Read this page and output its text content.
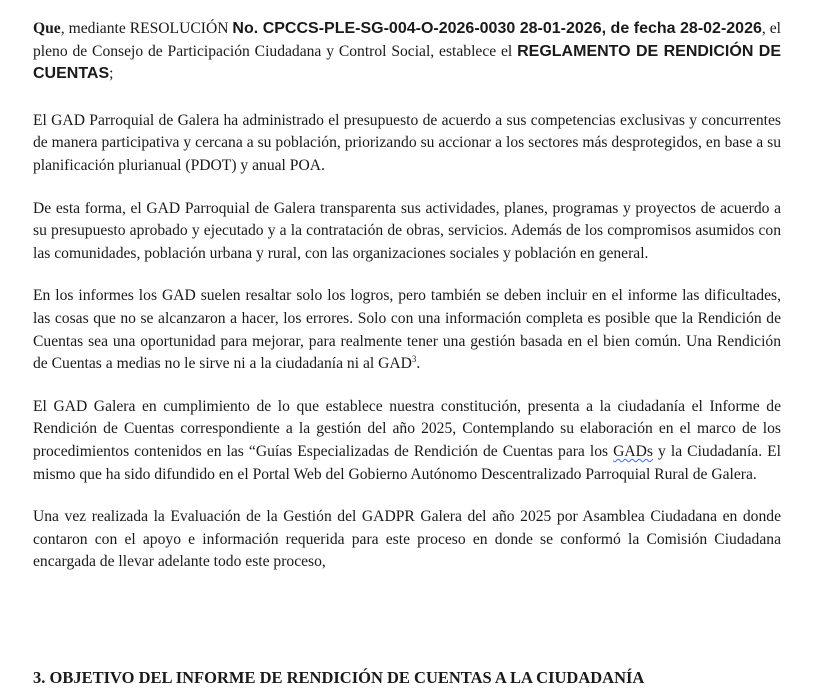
Que, mediante RESOLUCIÓN No. CPCCS-PLE-SG-004-O-2026-0030 28-01-2026, de fecha 28-02-2026, el pleno de Consejo de Participación Ciudadana y Control Social, establece el REGLAMENTO DE RENDICIÓN DE CUENTAS;

El GAD Parroquial de Galera ha administrado el presupuesto de acuerdo a sus competencias exclusivas y concurrentes de manera participativa y cercana a su población, priorizando su accionar a los sectores más desprotegidos, en base a su planificación plurianual (PDOT) y anual POA.

De esta forma, el GAD Parroquial de Galera transparenta sus actividades, planes, programas y proyectos de acuerdo a su presupuesto aprobado y ejecutado y a la contratación de obras, servicios. Además de los compromisos asumidos con las comunidades, población urbana y rural, con las organizaciones sociales y población en general.

En los informes los GAD suelen resaltar solo los logros, pero también se deben incluir en el informe las dificultades, las cosas que no se alcanzaron a hacer, los errores. Solo con una información completa es posible que la Rendición de Cuentas sea una oportunidad para mejorar, para realmente tener una gestión basada en el bien común. Una Rendición de Cuentas a medias no le sirve ni a la ciudadanía ni al GAD$^3$.

El GAD Galera en cumplimiento de lo que establece nuestra constitución, presenta a la ciudadanía el Informe de Rendición de Cuentas correspondiente a la gestión del año 2025, Contemplando su elaboración en el marco de los procedimientos contenidos en las “Guías Especializadas de Rendición de Cuentas para los GADs y la Ciudadanía. El mismo que ha sido difundido en el Portal Web del Gobierno Autónomo Descentralizado Parroquial Rural de Galera.

Una vez realizada la Evaluación de la Gestión del GADPR Galera del año 2025 por Asamblea Ciudadana en donde contaron con el apoyo e información requerida para este proceso en donde se conformó la Comisión Ciudadana encargada de llevar adelante todo este proceso,

3. OBJETIVO DEL INFORME DE RENDICIÓN DE CUENTAS A LA CIUDADANÍA
